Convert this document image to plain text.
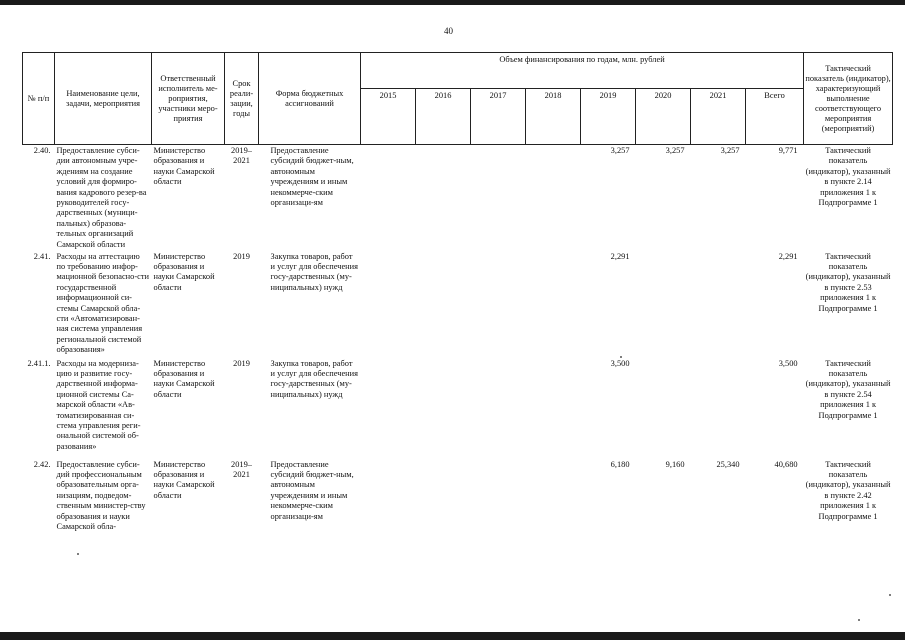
40
№ п/п	Наименование цели, задачи, мероприятия	Ответственный исполнитель ме-роприятия, участники меро-приятия	Срок реали-зации, годы	Форма бюджетных ассигнований	Объем финансирования по годам, млн. рублей								Тактический показатель (индикатор), характеризующий выполнение соответствующего мероприятия (мероприятий)
					2015	2016	2017	2018	2019	2020	2021	Всего	
2.40.	Предоставление субси-дии автономным учре-ждениям на создание условий для формиро-вания кадрового резер-ва руководителей госу-дарственных (муници-пальных) образова-тельных организаций Самарской области	Министерство образования и науки Самарской области	2019–2021	Предоставление субсидий бюджет-ным, автономным учреждениям и иным некоммерче-ским организаци-ям					3,257	3,257	3,257	9,771	Тактический показатель (индикатор), указанный в пункте 2.14 приложения 1 к Подпрограмме 1
2.41.	Расходы на аттестацию по требованию инфор-мационной безопасно-сти государственной информационной си-стемы Самарской обла-сти «Автоматизирован-ная система управления региональной системой образования»	Министерство образования и науки Самарской области	2019	Закупка товаров, работ и услуг для обеспечения госу-дарственных (му-ниципальных) нужд					2,291			2,291	Тактический показатель (индикатор), указанный в пункте 2.53 приложения 1 к Подпрограмме 1
2.41.1.	Расходы на модерниза-цию и развитие госу-дарственной информа-ционной системы Са-марской области «Ав-томатизированная си-стема управления реги-ональной системой об-разования»	Министерство образования и науки Самарской области	2019	Закупка товаров, работ и услуг для обеспечения госу-дарственных (му-ниципальных) нужд					3,500			3,500	Тактический показатель (индикатор), указанный в пункте 2.54 приложения 1 к Подпрограмме 1
2.42.	Предоставление субси-дий профессиональным образовательным орга-низациям, подведом-ственным министер-ству образования и науки Самарской обла-	Министерство образования и науки Самарской области	2019–2021	Предоставление субсидий бюджет-ным, автономным учреждениям и иным некоммерче-ским организаци-ям					6,180	9,160	25,340	40,680	Тактический показатель (индикатор), указанный в пункте 2.42 приложения 1 к Подпрограмме 1
